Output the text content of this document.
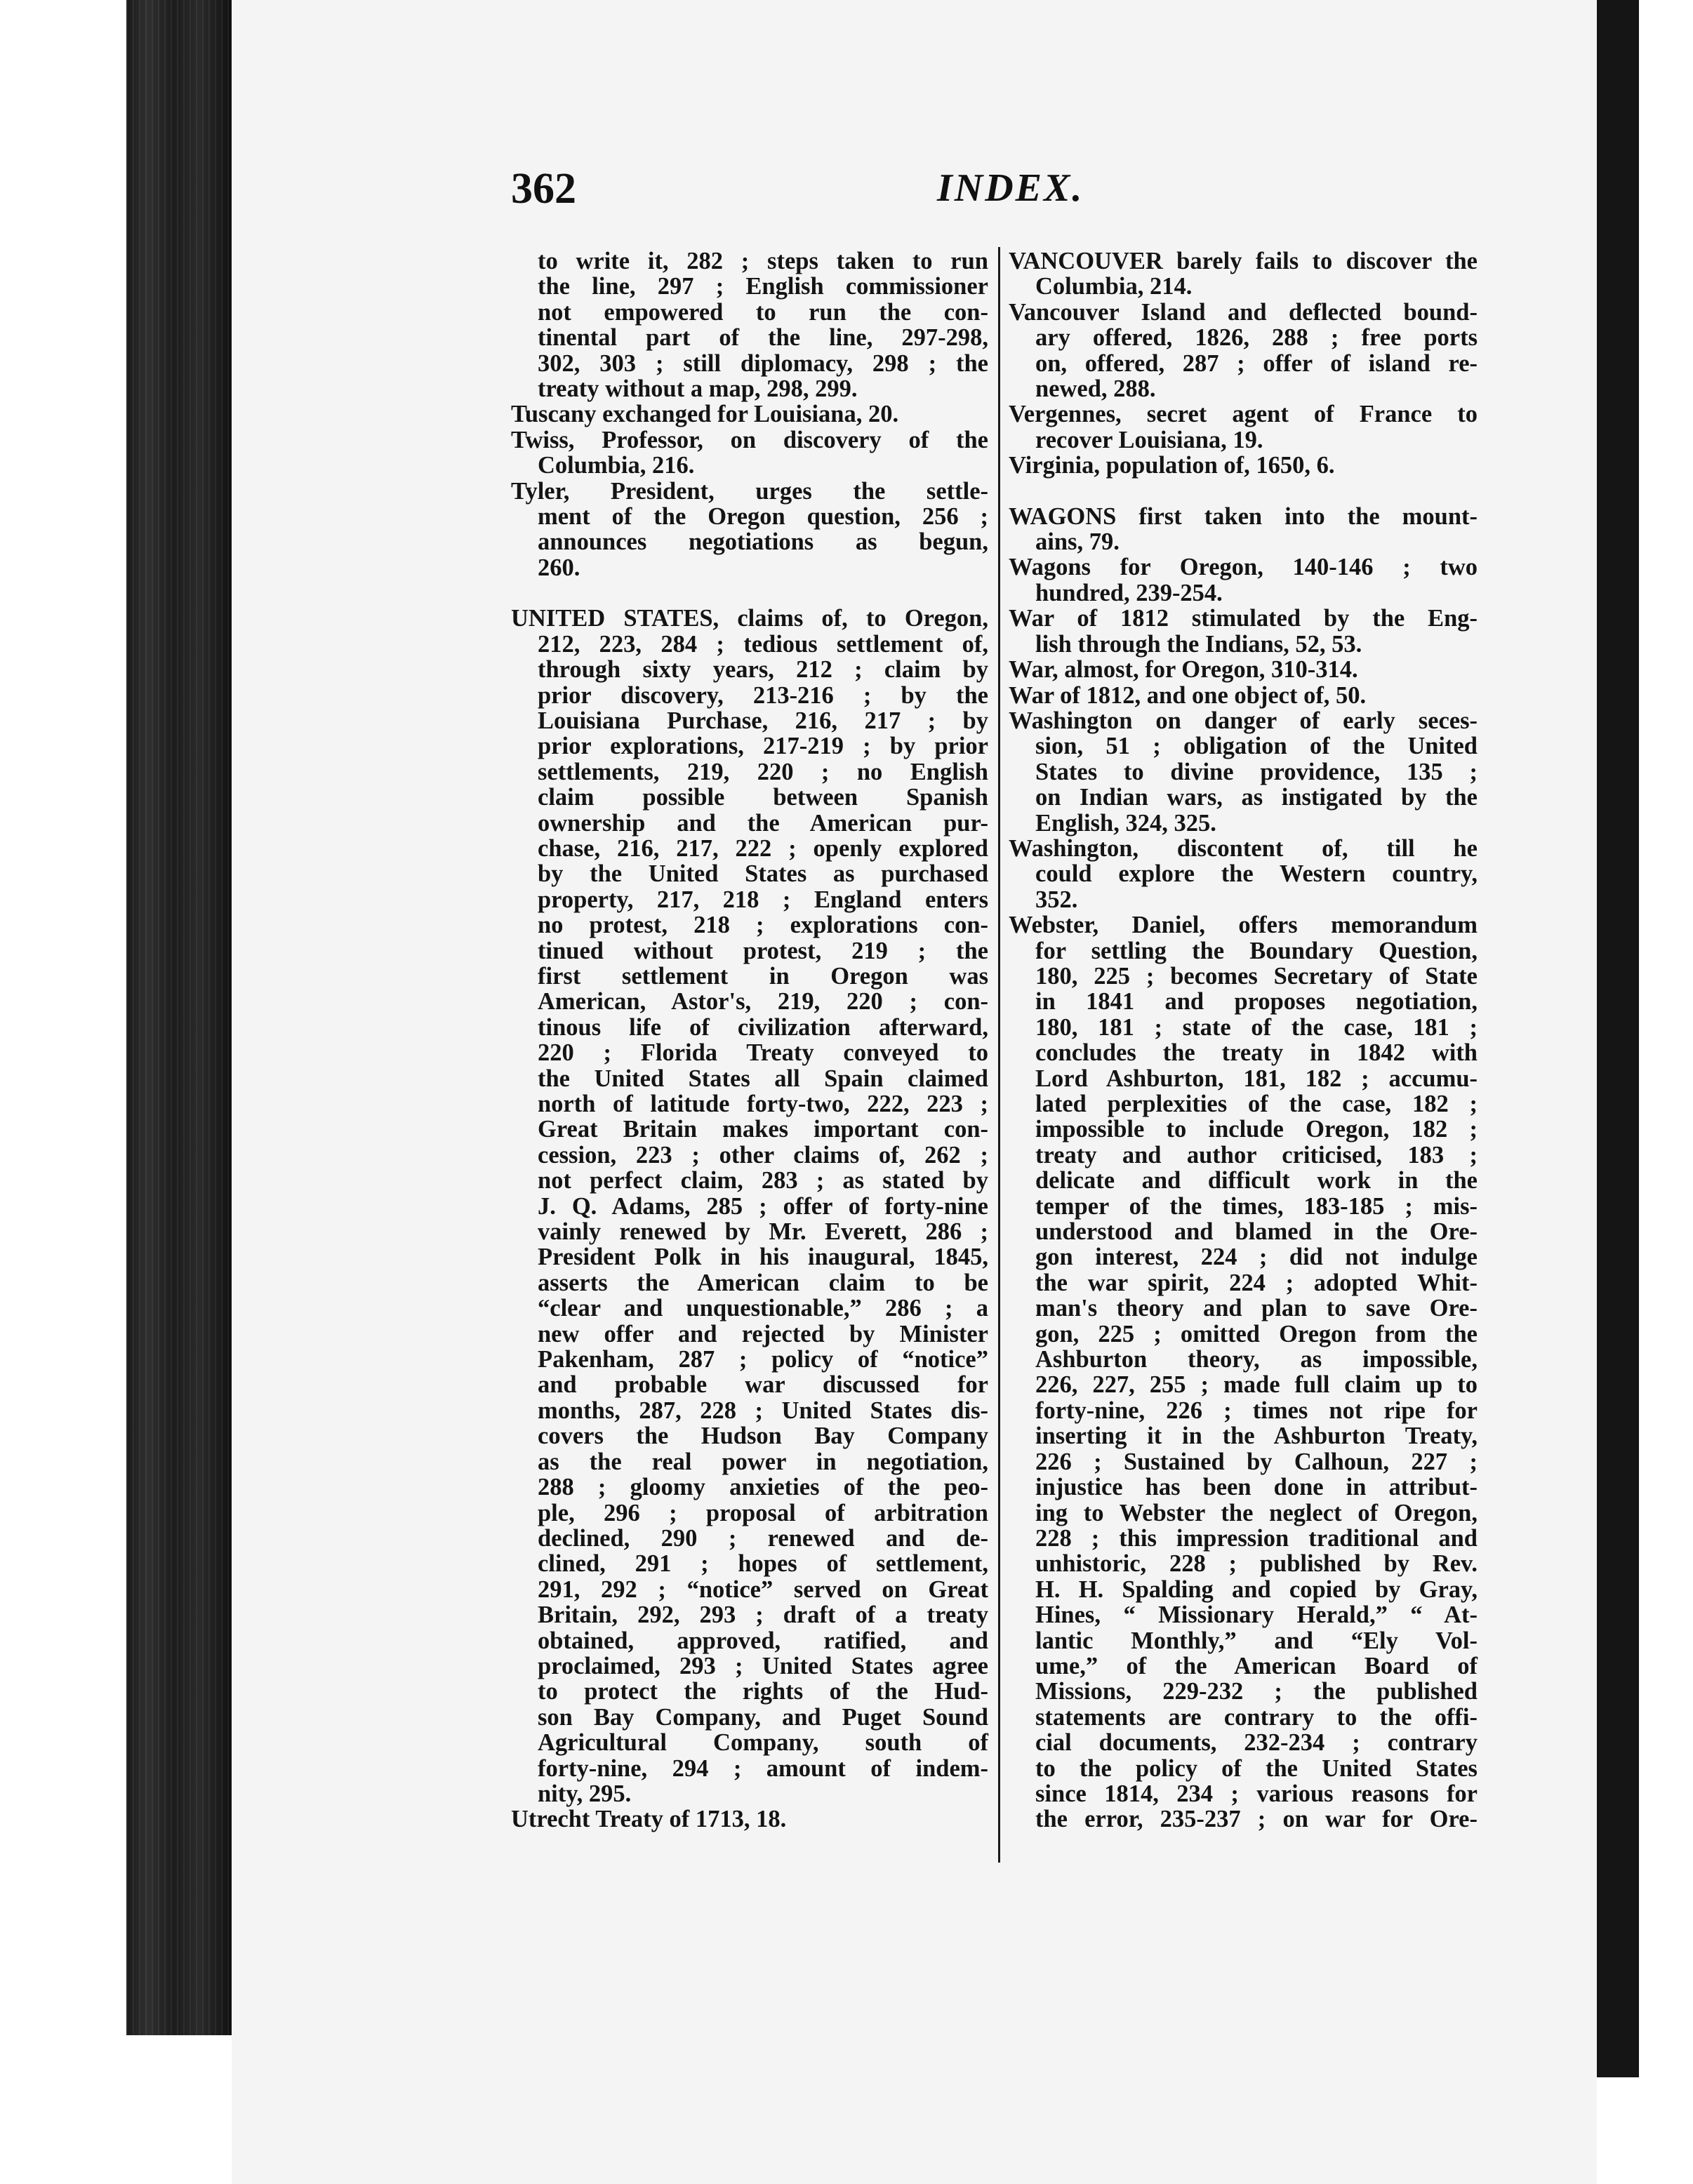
362	INDEX.
to write it, 282 ; steps taken to run
the line, 297 ; English commissioner
not empowered to run the con-
tinental part of the line, 297-298,
302, 303 ; still diplomacy, 298 ; the
treaty without a map, 298, 299.
Tuscany exchanged for Louisiana, 20.
Twiss, Professor, on discovery of the
Columbia, 216.
Tyler, President, urges the settle-
ment of the Oregon question, 256 ;
announces negotiations as begun,
260.
UNITED STATES, claims of, to Oregon,
212, 223, 284 ; tedious settlement of,
through sixty years, 212 ; claim by
prior discovery, 213-216 ; by the
Louisiana Purchase, 216, 217 ; by
prior explorations, 217-219 ; by prior
settlements, 219, 220 ; no English
claim possible between Spanish
ownership and the American pur-
chase, 216, 217, 222 ; openly explored
by the United States as purchased
property, 217, 218 ; England enters
no protest, 218 ; explorations con-
tinued without protest, 219 ; the
first settlement in Oregon was
American, Astor's, 219, 220 ; con-
tinous life of civilization afterward,
220 ; Florida Treaty conveyed to
the United States all Spain claimed
north of latitude forty-two, 222, 223 ;
Great Britain makes important con-
cession, 223 ; other claims of, 262 ;
not perfect claim, 283 ; as stated by
J. Q. Adams, 285 ; offer of forty-nine
vainly renewed by Mr. Everett, 286 ;
President Polk in his inaugural, 1845,
asserts the American claim to be
“clear and unquestionable,” 286 ; a
new offer and rejected by Minister
Pakenham, 287 ; policy of “notice”
and probable war discussed for
months, 287, 228 ; United States dis-
covers the Hudson Bay Company
as the real power in negotiation,
288 ; gloomy anxieties of the peo-
ple, 296 ; proposal of arbitration
declined, 290 ; renewed and de-
clined, 291 ; hopes of settlement,
291, 292 ; “notice” served on Great
Britain, 292, 293 ; draft of a treaty
obtained, approved, ratified, and
proclaimed, 293 ; United States agree
to protect the rights of the Hud-
son Bay Company, and Puget Sound
Agricultural Company, south of
forty-nine, 294 ; amount of indem-
nity, 295.
Utrecht Treaty of 1713, 18.
VANCOUVER barely fails to discover the
Columbia, 214.
Vancouver Island and deflected bound-
ary offered, 1826, 288 ; free ports
on, offered, 287 ; offer of island re-
newed, 288.
Vergennes, secret agent of France to
recover Louisiana, 19.
Virginia, population of, 1650, 6.
WAGONS first taken into the mount-
ains, 79.
Wagons for Oregon, 140-146 ; two
hundred, 239-254.
War of 1812 stimulated by the Eng-
lish through the Indians, 52, 53.
War, almost, for Oregon, 310-314.
War of 1812, and one object of, 50.
Washington on danger of early seces-
sion, 51 ; obligation of the United
States to divine providence, 135 ;
on Indian wars, as instigated by the
English, 324, 325.
Washington, discontent of, till he
could explore the Western country,
352.
Webster, Daniel, offers memorandum
for settling the Boundary Question,
180, 225 ; becomes Secretary of State
in 1841 and proposes negotiation,
180, 181 ; state of the case, 181 ;
concludes the treaty in 1842 with
Lord Ashburton, 181, 182 ; accumu-
lated perplexities of the case, 182 ;
impossible to include Oregon, 182 ;
treaty and author criticised, 183 ;
delicate and difficult work in the
temper of the times, 183-185 ; mis-
understood and blamed in the Ore-
gon interest, 224 ; did not indulge
the war spirit, 224 ; adopted Whit-
man's theory and plan to save Ore-
gon, 225 ; omitted Oregon from the
Ashburton theory, as impossible,
226, 227, 255 ; made full claim up to
forty-nine, 226 ; times not ripe for
inserting it in the Ashburton Treaty,
226 ; Sustained by Calhoun, 227 ;
injustice has been done in attribut-
ing to Webster the neglect of Oregon,
228 ; this impression traditional and
unhistoric, 228 ; published by Rev.
H. H. Spalding and copied by Gray,
Hines, “ Missionary Herald,” “ At-
lantic Monthly,” and “Ely Vol-
ume,” of the American Board of
Missions, 229-232 ; the published
statements are contrary to the offi-
cial documents, 232-234 ; contrary
to the policy of the United States
since 1814, 234 ; various reasons for
the error, 235-237 ; on war for Ore-
